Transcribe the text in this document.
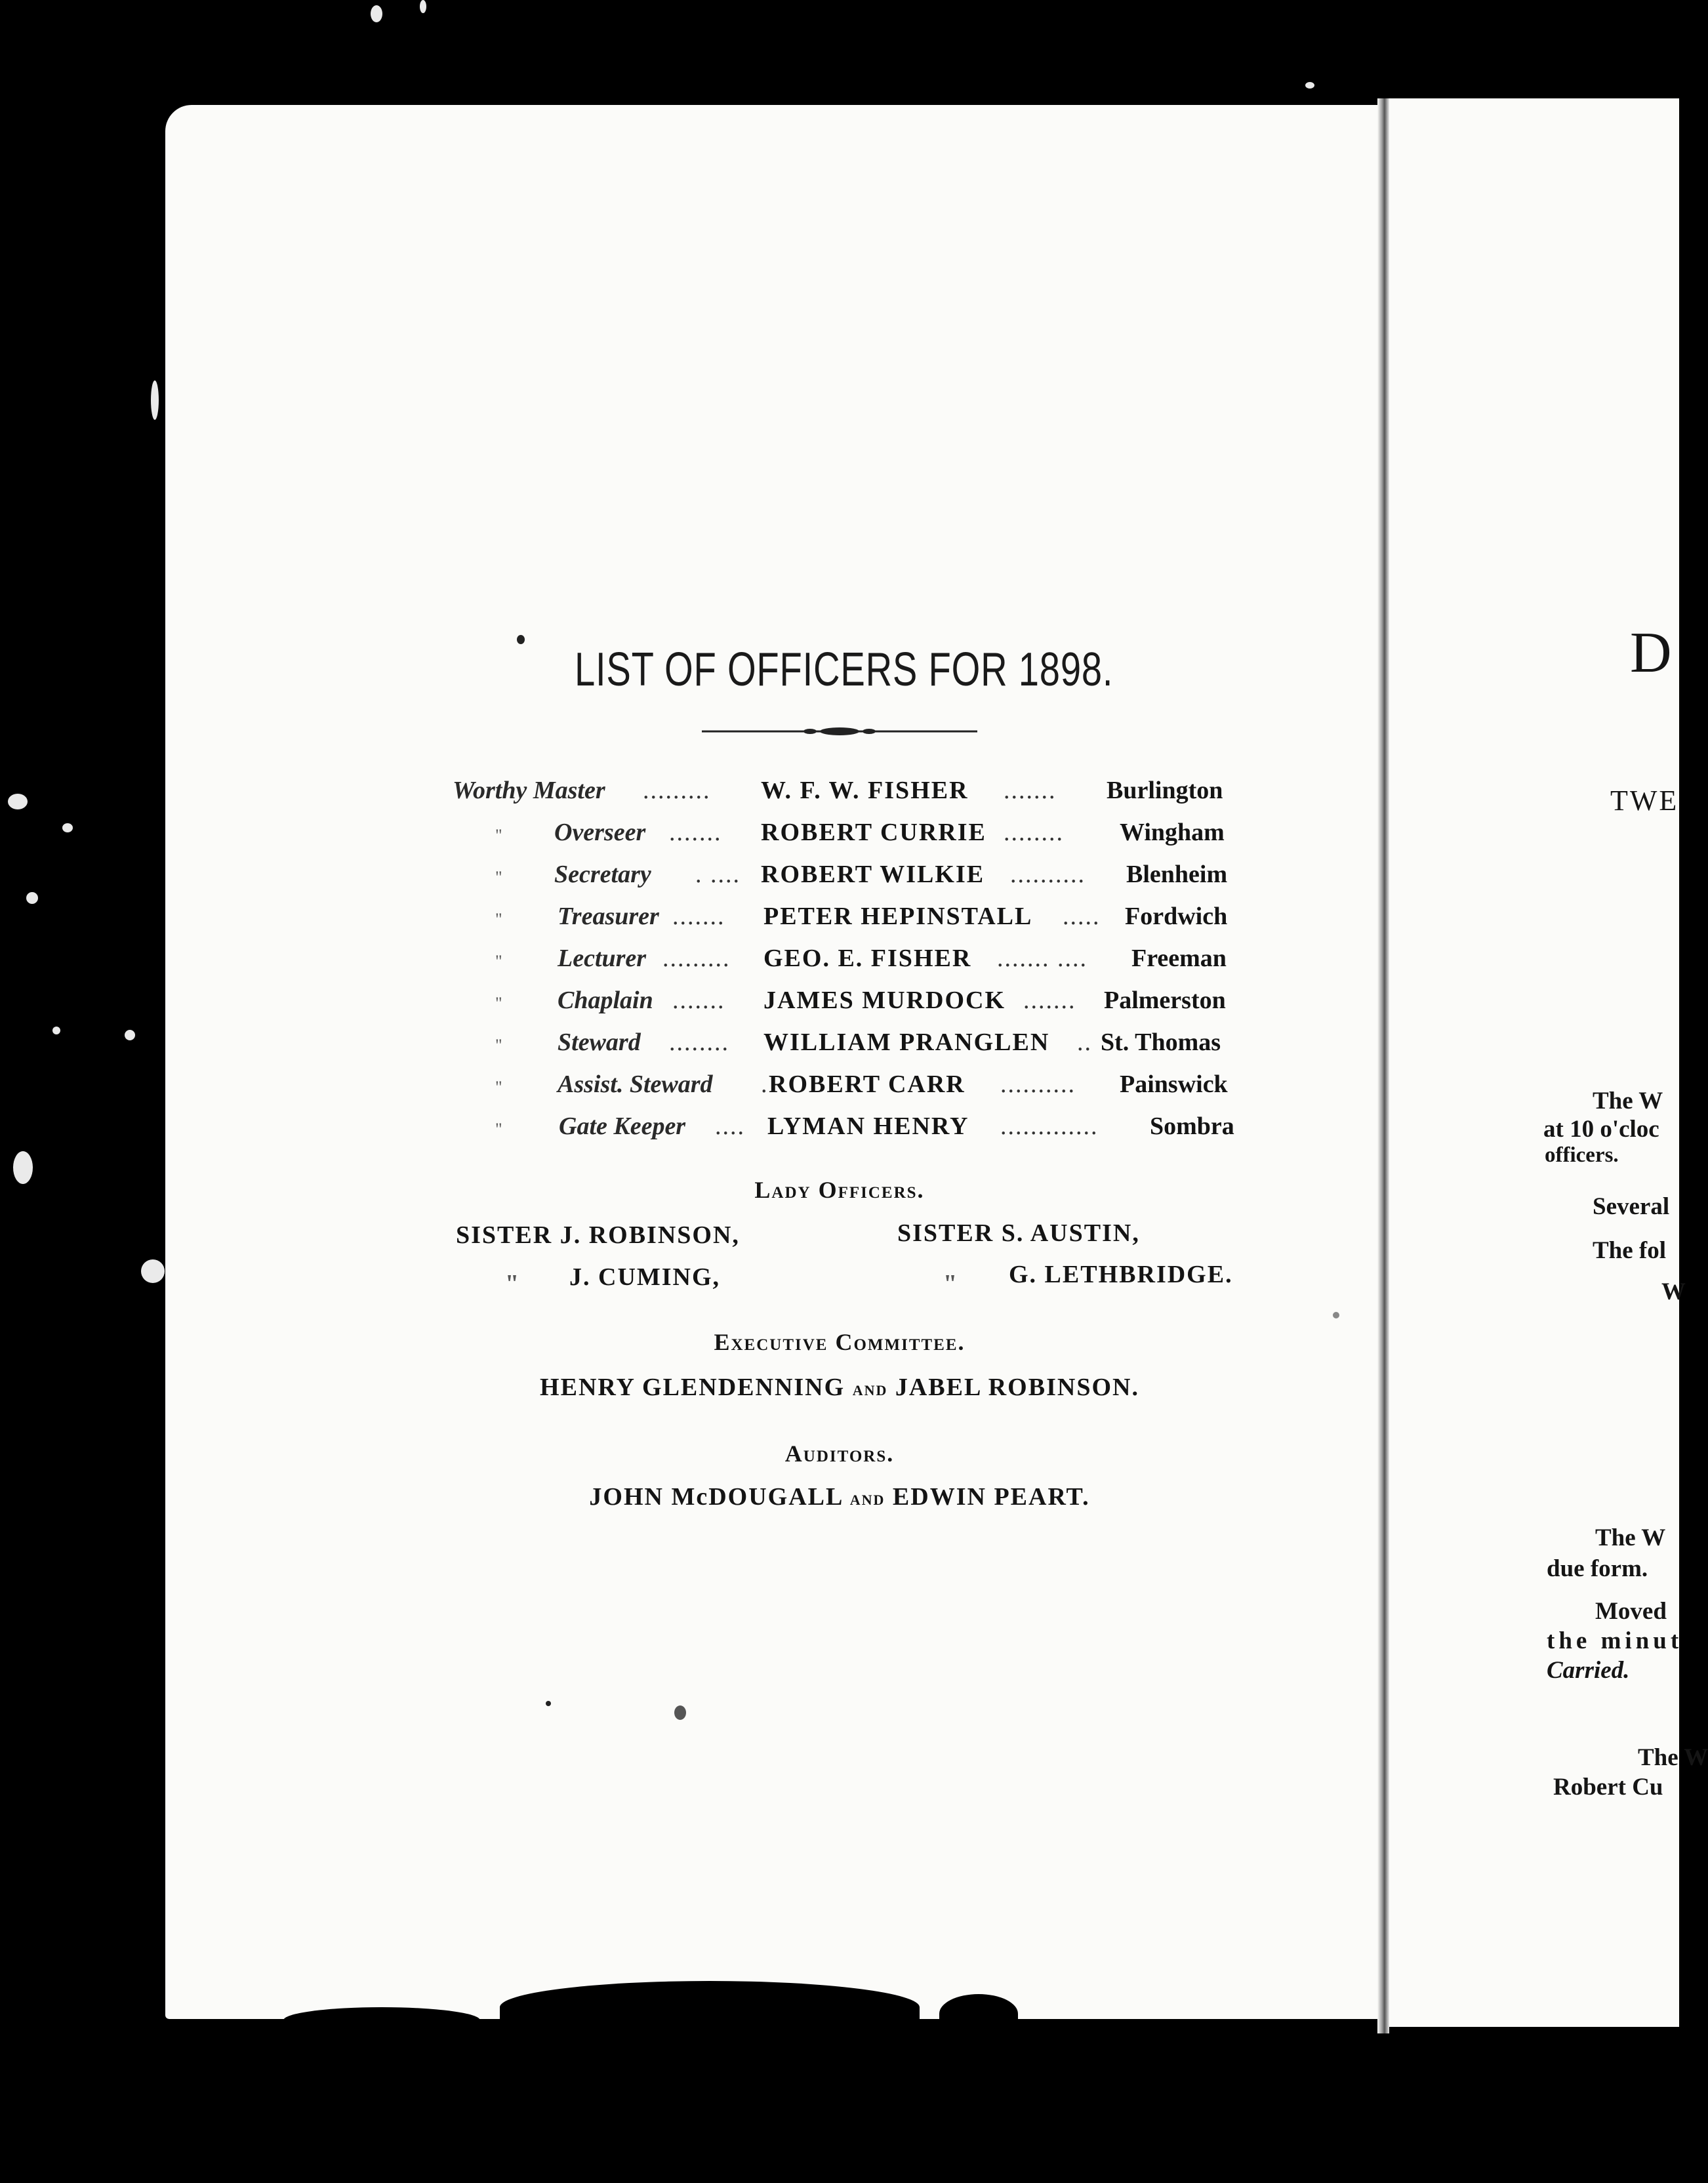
D
TWE
The W
at 10 o'cloc
officers.
Several
The fol
W
The W
due form.
Moved
the minut
Carried.
The W
Robert Cu
LIST OF OFFICERS FOR 1898.
Worthy Master ......... W. F. W. FISHER ....... Burlington
" Overseer ....... ROBERT CURRIE ........ Wingham
" Secretary . .... ROBERT WILKIE .......... Blenheim
" Treasurer ....... PETER HEPINSTALL ..... Fordwich
" Lecturer ......... GEO. E. FISHER ....... .... Freeman
" Chaplain ....... JAMES MURDOCK ....... Palmerston
" Steward ........ WILLIAM PRANGLEN .. St. Thomas
" Assist. Steward . ROBERT CARR .......... Painswick
" Gate Keeper .... LYMAN HENRY ............. Sombra
Lady Officers.
SISTER J. ROBINSON,	SISTER S. AUSTIN,
" J. CUMING,	" G. LETHBRIDGE.
Executive Committee.
HENRY GLENDENNING and JABEL ROBINSON.
Auditors.
JOHN McDOUGALL and EDWIN PEART.
